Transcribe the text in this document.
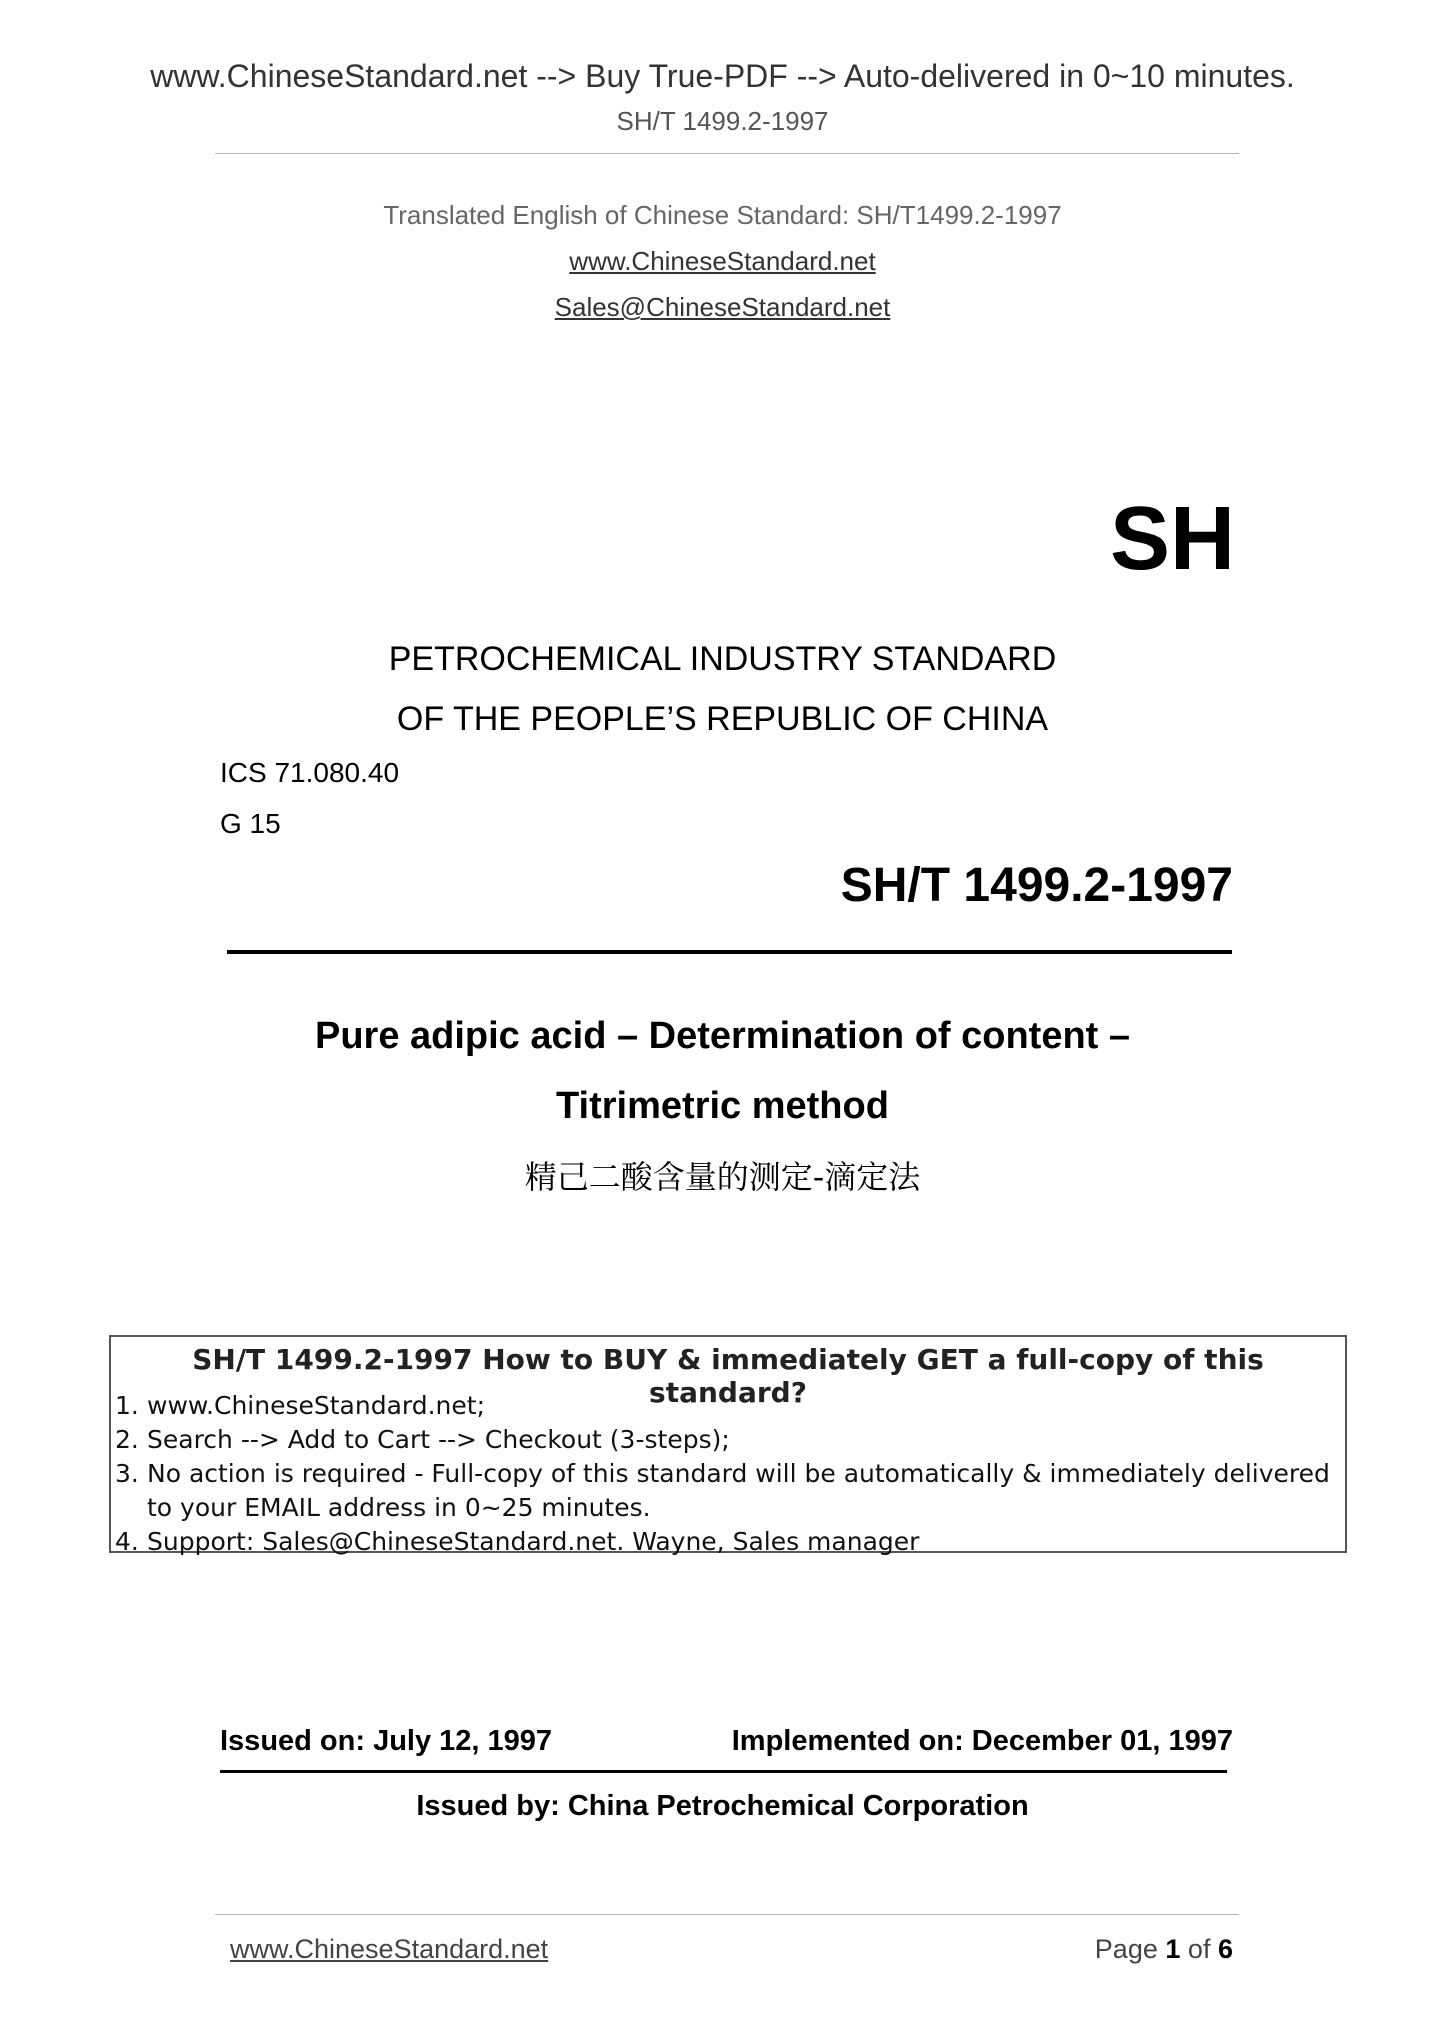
www.ChineseStandard.net --> Buy True-PDF --> Auto-delivered in 0~10 minutes.
SH/T 1499.2-1997
Translated English of Chinese Standard: SH/T1499.2-1997
www.ChineseStandard.net
Sales@ChineseStandard.net
SH
PETROCHEMICAL INDUSTRY STANDARD
OF THE PEOPLE’S REPUBLIC OF CHINA
ICS 71.080.40
G 15
SH/T 1499.2-1997
Pure adipic acid – Determination of content –
Titrimetric method
精己二酸含量的测定-滴定法
SH/T 1499.2-1997 How to BUY & immediately GET a full-copy of this standard?
1. www.ChineseStandard.net;
2. Search --> Add to Cart --> Checkout (3-steps);
3. No action is required - Full-copy of this standard will be automatically & immediately delivered to your EMAIL address in 0~25 minutes.
4. Support: Sales@ChineseStandard.net. Wayne, Sales manager
Issued on: July 12, 1997	Implemented on: December 01, 1997
Issued by: China Petrochemical Corporation
www.ChineseStandard.net	Page 1 of 6
